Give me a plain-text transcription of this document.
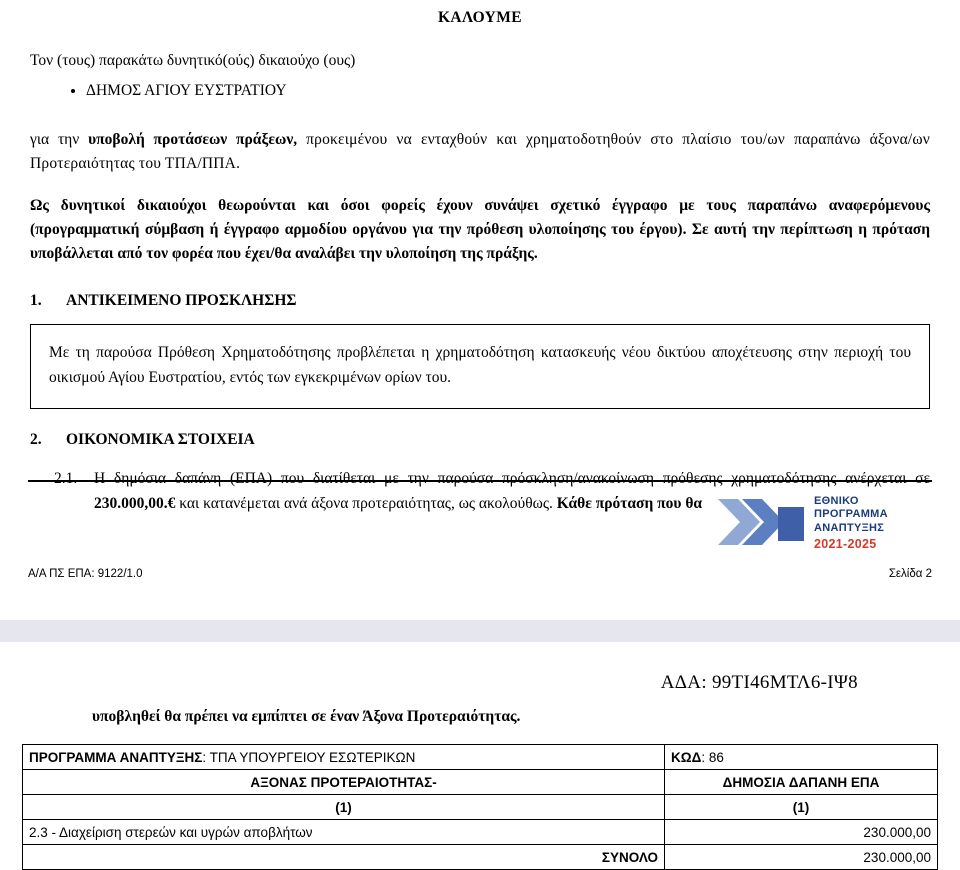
ΚΑΛΟΥΜΕ

Τον (τους) παρακάτω δυνητικό(ούς) δικαιούχο (ους)

• ΔΗΜΟΣ ΑΓΙΟΥ ΕΥΣΤΡΑΤΙΟΥ

για την υποβολή προτάσεων πράξεων, προκειμένου να ενταχθούν και χρηματοδοτηθούν στο πλαίσιο του/ων παραπάνω άξονα/ων Προτεραιότητας του ΤΠΑ/ΠΠΑ.

Ως δυνητικοί δικαιούχοι θεωρούνται και όσοι φορείς έχουν συνάψει σχετικό έγγραφο με τους παραπάνω αναφερόμενους (προγραμματική σύμβαση ή έγγραφο αρμοδίου οργάνου για την πρόθεση υλοποίησης του έργου). Σε αυτή την περίπτωση η πρόταση υποβάλλεται από τον φορέα που έχει/θα αναλάβει την υλοποίηση της πράξης.

1.	ΑΝΤΙΚΕΙΜΕΝΟ ΠΡΟΣΚΛΗΣΗΣ
Με τη παρούσα Πρόθεση Χρηματοδότησης προβλέπεται η χρηματοδότηση κατασκευής νέου δικτύου αποχέτευσης στην περιοχή του οικισμού Αγίου Ευστρατίου, εντός των εγκεκριμένων ορίων του.
2.	ΟΙΚΟΝΟΜΙΚΑ ΣΤΟΙΧΕΙΑ
2.1.	Η δημόσια δαπάνη (ΕΠΑ) που διατίθεται με την παρούσα πρόσκληση/ανακοίνωση πρόθεσης χρηματοδότησης ανέρχεται σε 230.000,00.€ και κατανέμεται ανά άξονα προτεραιότητας, ως ακολούθως. Κάθε πρόταση που θα	ΕΘΝΙΚΟ
ΠΡΟΓΡΑΜΜΑ
ΑΝΑΠΤΥΞΗΣ
2021-2025
Α/Α ΠΣ ΕΠΑ: 9122/1.0	Σελίδα 2
ΑΔΑ: 99ΤΙ46ΜΤΛ6-ΙΨ8
υποβληθεί θα πρέπει να εμπίπτει σε έναν Άξονα Προτεραιότητας.
ΠΡΟΓΡΑΜΜΑ ΑΝΑΠΤΥΞΗΣ: ΤΠΑ ΥΠΟΥΡΓΕΙΟΥ ΕΣΩΤΕΡΙΚΩΝ	ΚΩΔ: 86
ΑΞΟΝΑΣ ΠΡΟΤΕΡΑΙΟΤΗΤΑΣ-	ΔΗΜΟΣΙΑ ΔΑΠΑΝΗ ΕΠΑ
(1)	(1)
2.3 - Διαχείριση στερεών και υγρών αποβλήτων	230.000,00
ΣΥΝΟΛΟ	230.000,00
